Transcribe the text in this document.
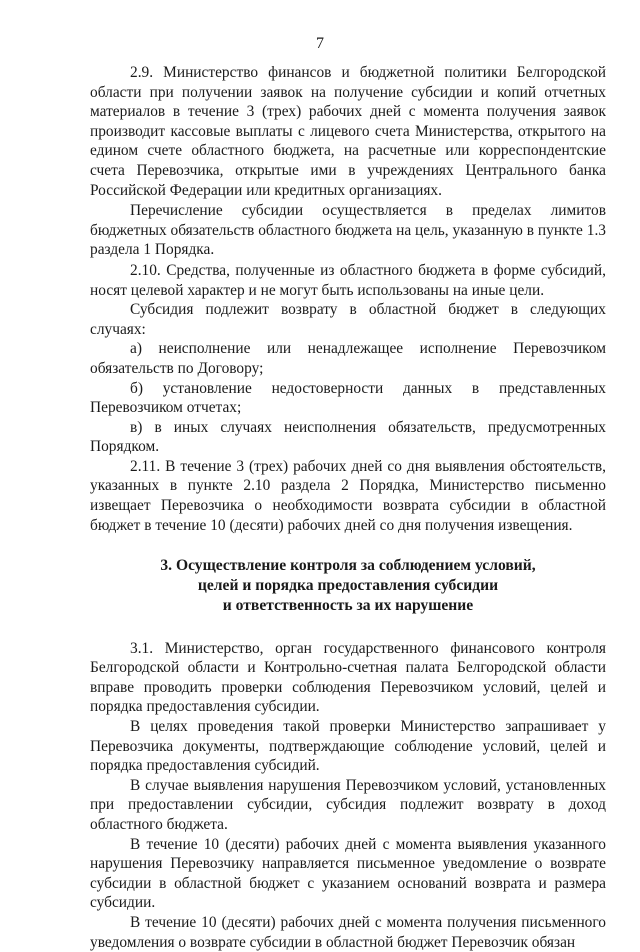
7

2.9. Министерство финансов и бюджетной политики Белгородской области при получении заявок на получение субсидии и копий отчетных материалов в течение 3 (трех) рабочих дней с момента получения заявок производит кассовые выплаты с лицевого счета Министерства, открытого на едином счете областного бюджета, на расчетные или корреспондентские счета Перевозчика, открытые ими в учреждениях Центрального банка Российской Федерации или кредитных организациях.

Перечисление субсидии осуществляется в пределах лимитов бюджетных обязательств областного бюджета на цель, указанную в пункте 1.3 раздела 1 Порядка.

2.10. Средства, полученные из областного бюджета в форме субсидий, носят целевой характер и не могут быть использованы на иные цели.

Субсидия подлежит возврату в областной бюджет в следующих случаях:

а) неисполнение или ненадлежащее исполнение Перевозчиком обязательств по Договору;

б) установление недостоверности данных в представленных Перевозчиком отчетах;

в) в иных случаях неисполнения обязательств, предусмотренных Порядком.

2.11. В течение 3 (трех) рабочих дней со дня выявления обстоятельств, указанных в пункте 2.10 раздела 2 Порядка, Министерство письменно извещает Перевозчика о необходимости возврата субсидии в областной бюджет в течение 10 (десяти) рабочих дней со дня получения извещения.

3. Осуществление контроля за соблюдением условий,
целей и порядка предоставления субсидии
и ответственность за их нарушение

3.1. Министерство, орган государственного финансового контроля Белгородской области и Контрольно-счетная палата Белгородской области вправе проводить проверки соблюдения Перевозчиком условий, целей и порядка предоставления субсидии.

В целях проведения такой проверки Министерство запрашивает у Перевозчика документы, подтверждающие соблюдение условий, целей и порядка предоставления субсидий.

В случае выявления нарушения Перевозчиком условий, установленных при предоставлении субсидии, субсидия подлежит возврату в доход областного бюджета.

В течение 10 (десяти) рабочих дней с момента выявления указанного нарушения Перевозчику направляется письменное уведомление о возврате субсидии в областной бюджет с указанием оснований возврата и размера субсидии.

В течение 10 (десяти) рабочих дней с момента получения письменного уведомления о возврате субсидии в областной бюджет Перевозчик обязан
